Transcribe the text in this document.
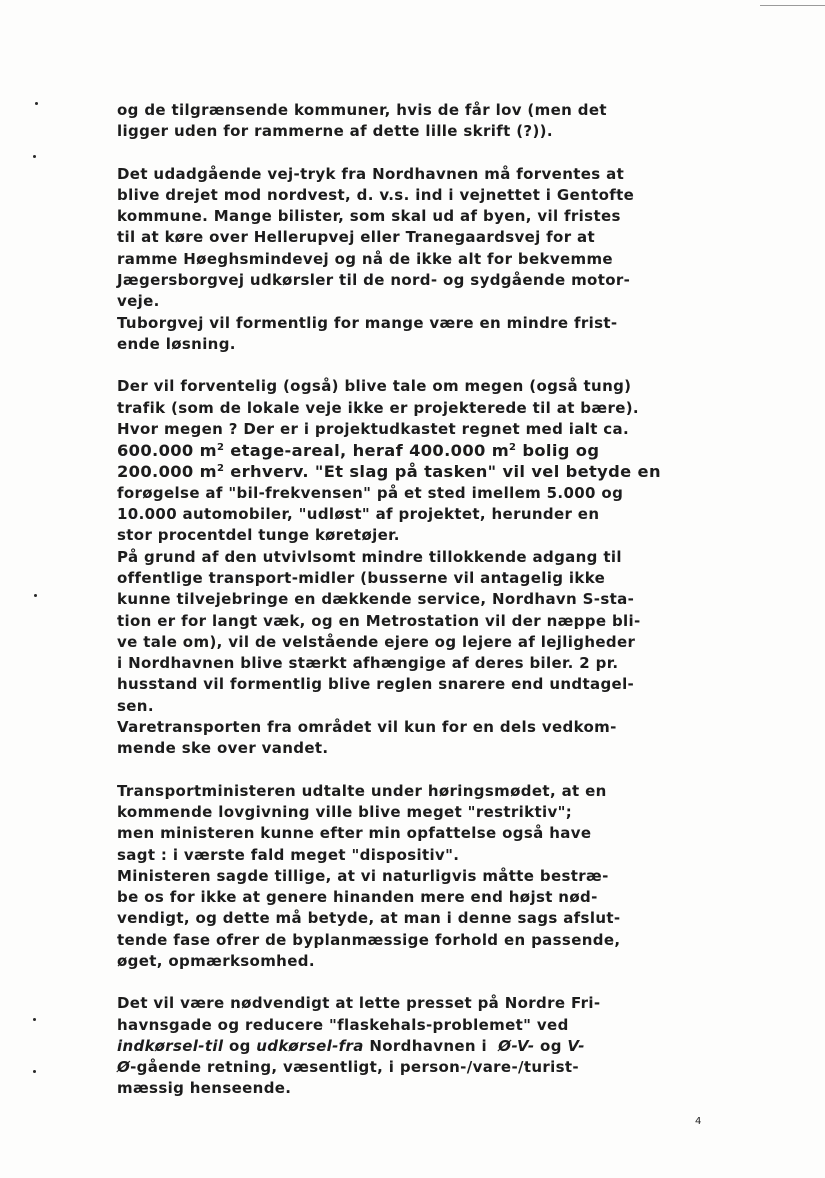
og de tilgrænsende kommuner, hvis de får lov (men det
ligger uden for rammerne af dette lille skrift (?)).
Det udadgående vej-tryk fra Nordhavnen må forventes at
blive drejet mod nordvest, d. v.s. ind i vejnettet i Gentofte
kommune. Mange bilister, som skal ud af byen, vil fristes
til at køre over Hellerupvej eller Tranegaardsvej for at
ramme Høeghsmindevej og nå de ikke alt for bekvemme
Jægersborgvej udkørsler til de nord- og sydgående motor-
veje.
Tuborgvej vil formentlig for mange være en mindre frist-
ende løsning.
Der vil forventelig (også) blive tale om megen (også tung)
trafik (som de lokale veje ikke er projekterede til at bære).
Hvor megen ? Der er i projektudkastet regnet med ialt ca.
600.000 $m^2$ etage-areal, heraf 400.000 $m^2$ bolig og
200.000 $m^2$ erhverv. "Et slag på tasken" vil vel betyde en
forøgelse af "bil-frekvensen" på et sted imellem 5.000 og
10.000 automobiler, "udløst" af projektet, herunder en
stor procentdel tunge køretøjer.
På grund af den utvivlsomt mindre tillokkende adgang til
offentlige transport-midler (busserne vil antagelig ikke
kunne tilvejebringe en dækkende service, Nordhavn S-sta-
tion er for langt væk, og en Metrostation vil der næppe bli-
ve tale om), vil de velstående ejere og lejere af lejligheder
i Nordhavnen blive stærkt afhængige af deres biler. 2 pr.
husstand vil formentlig blive reglen snarere end undtagel-
sen.
Varetransporten fra området vil kun for en dels vedkom-
mende ske over vandet.
Transportministeren udtalte under høringsmødet, at en
kommende lovgivning ville blive meget "restriktiv";
men ministeren kunne efter min opfattelse også have
sagt : i værste fald meget "dispositiv".
Ministeren sagde tillige, at vi naturligvis måtte bestræ-
be os for ikke at genere hinanden mere end højst nød-
vendigt, og dette må betyde, at man i denne sags afslut-
tende fase ofrer de byplanmæssige forhold en passende,
øget, opmærksomhed.
Det vil være nødvendigt at lette presset på Nordre Fri-
havnsgade og reducere "flaskehals-problemet" ved
indkørsel-til og udkørsel-fra Nordhavnen i  Ø-V- og V-
Ø-gående retning, væsentligt, i person-/vare-/turist-
mæssig henseende.
4
